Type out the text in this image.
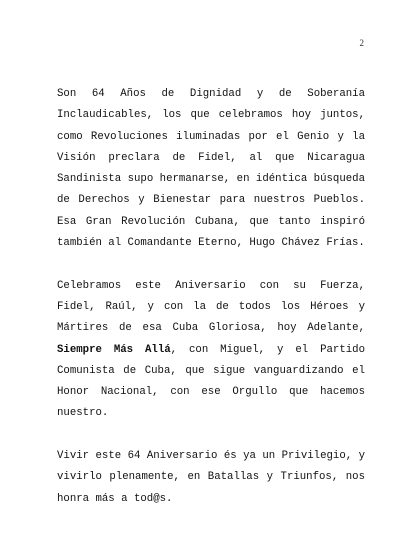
2

Son 64 Años de Dignidad y de Soberanía Inclaudicables, los que celebramos hoy juntos, como Revoluciones iluminadas por el Genio y la Visión preclara de Fidel, al que Nicaragua Sandinista supo hermanarse, en idéntica búsqueda de Derechos y Bienestar para nuestros Pueblos. Esa Gran Revolución Cubana, que tanto inspiró también al Comandante Eterno, Hugo Chávez Frías.

Celebramos este Aniversario con su Fuerza, Fidel, Raúl, y con la de todos los Héroes y Mártires de esa Cuba Gloriosa, hoy Adelante, Siempre Más Allá, con Miguel, y el Partido Comunista de Cuba, que sigue vanguardizando el Honor Nacional, con ese Orgullo que hacemos nuestro.

Vivir este 64 Aniversario és ya un Privilegio, y vivirlo plenamente, en Batallas y Triunfos, nos honra más a tod@s.
